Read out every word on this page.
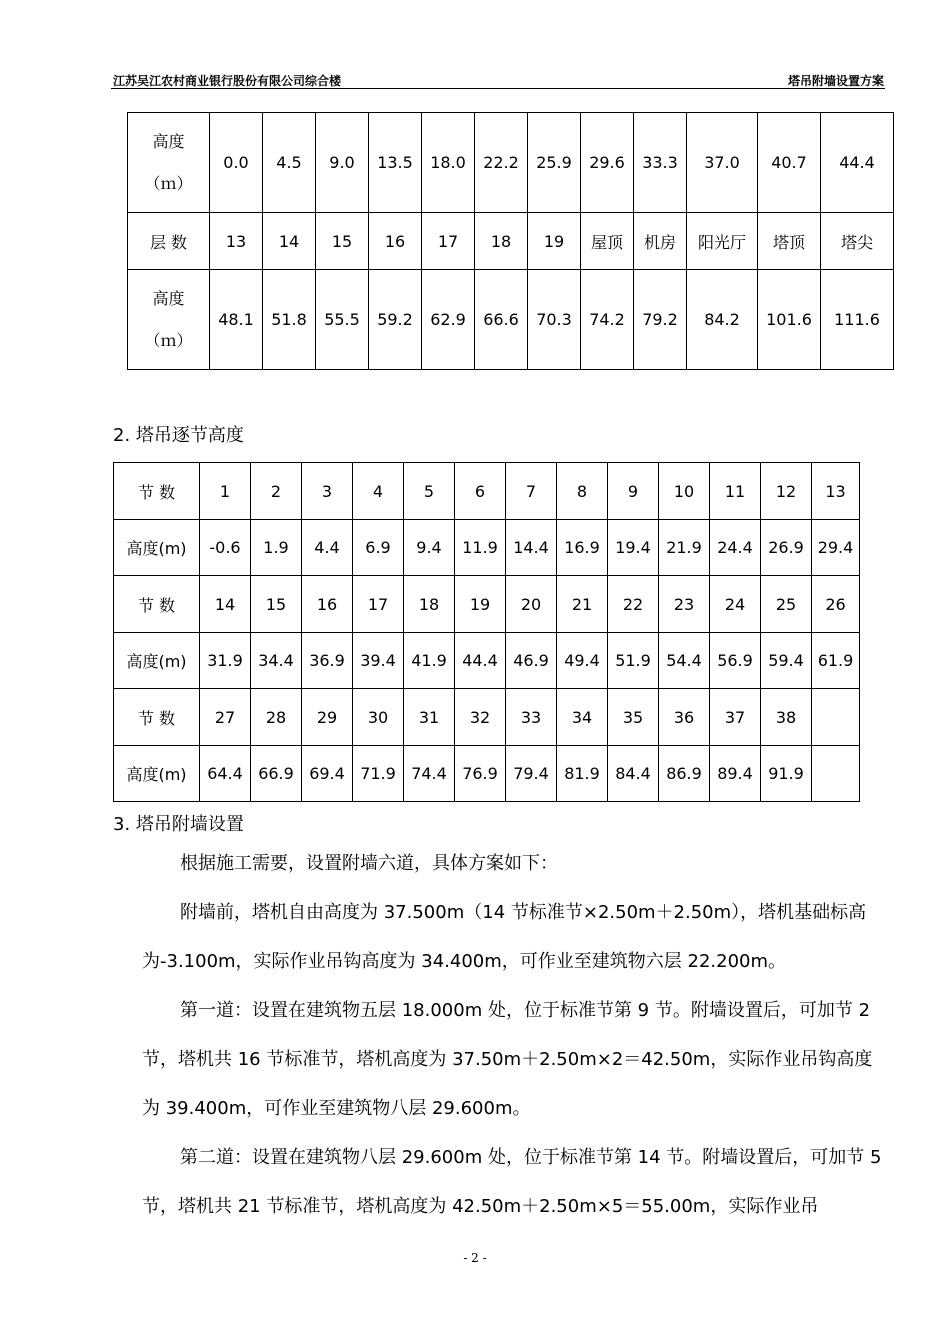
江苏吴江农村商业银行股份有限公司综合楼	塔吊附墙设置方案
高度
（ｍ）	0.0	4.5	9.0	13.5	18.0	22.2	25.9	29.6	33.3	37.0	40.7	44.4
层 数	13	14	15	16	17	18	19	屋顶	机房	阳光厅	塔顶	塔尖

高度
（ｍ）	48.1	51.8	55.5	59.2	62.9	66.6	70.3	74.2	79.2	84.2	101.6	111.6
2. 塔吊逐节高度
节 数	1	2	3	4	5	6	7	8	9	10	11	12	13
高度(m)	-0.6	1.9	4.4	6.9	9.4	11.9	14.4	16.9	19.4	21.9	24.4	26.9	29.4
节 数	14	15	16	17	18	19	20	21	22	23	24	25	26
高度(m)	31.9	34.4	36.9	39.4	41.9	44.4	46.9	49.4	51.9	54.4	56.9	59.4	61.9
节 数	27	28	29	30	31	32	33	34	35	36	37	38	
高度(m)	64.4	66.9	69.4	71.9	74.4	76.9	79.4	81.9	84.4	86.9	89.4	91.9	
3. 塔吊附墙设置
根据施工需要，设置附墙六道，具体方案如下：
附墙前，塔机自由高度为 37.500m（14 节标准节×2.50m＋2.50m），塔机基础标高为-3.100m，实际作业吊钩高度为 34.400m，可作业至建筑物六层 22.200m。
第一道：设置在建筑物五层 18.000m 处，位于标准节第 9 节。附墙设置后，可加节 2 节，塔机共 16 节标准节，塔机高度为 37.50m＋2.50m×2＝42.50m，实际作业吊钩高度为 39.400m，可作业至建筑物八层 29.600m。
第二道：设置在建筑物八层 29.600m 处，位于标准节第 14 节。附墙设置后，可加节 5 节，塔机共 21 节标准节，塔机高度为 42.50m＋2.50m×5＝55.00m，实际作业吊
- 2 -
